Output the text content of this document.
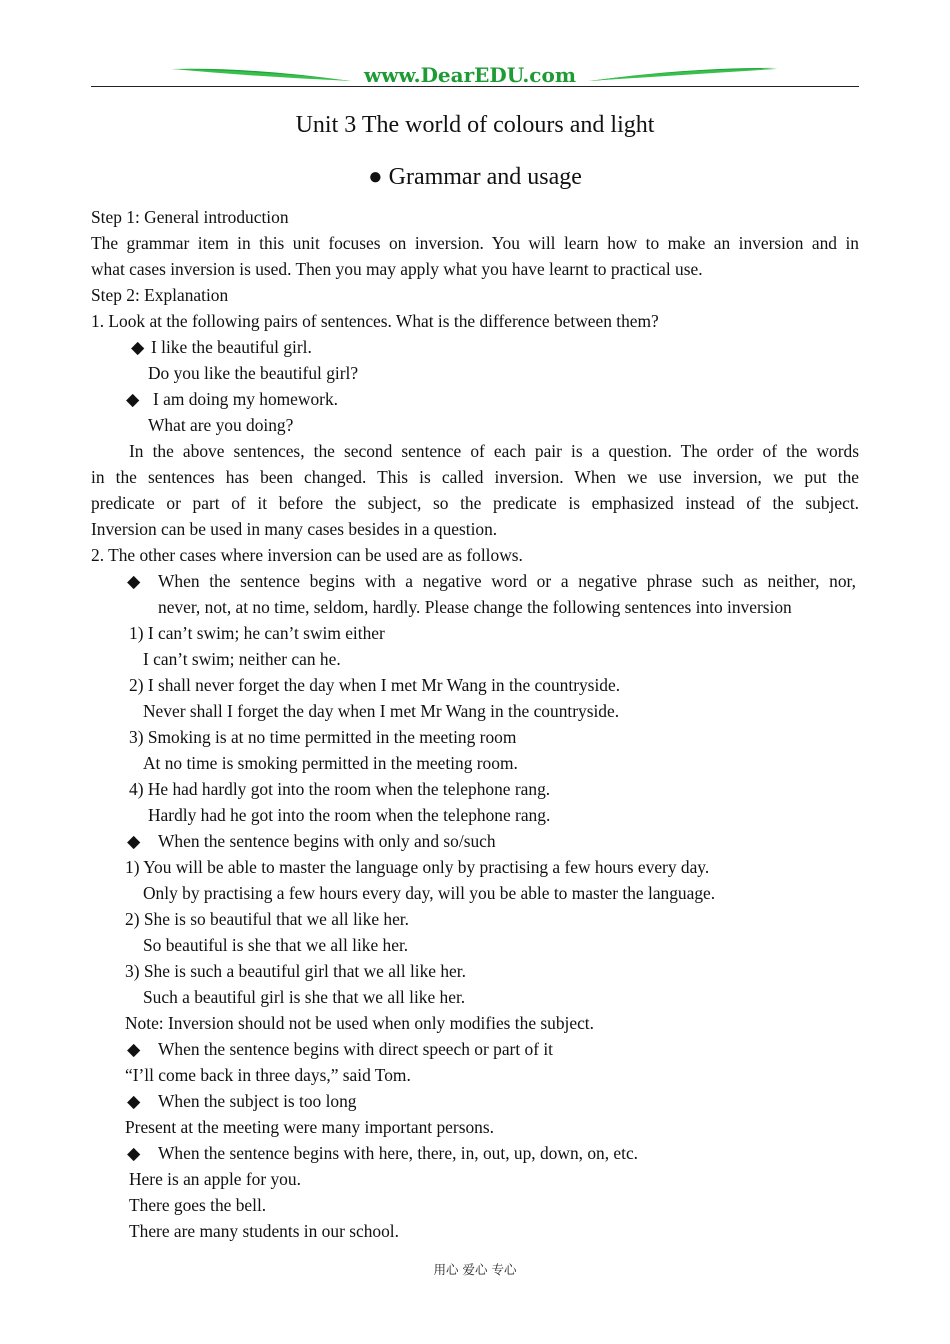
www.DearEDU.com
Unit 3 The world of colours and light
● Grammar and usage
Step 1: General introduction
The grammar item in this unit focuses on inversion. You will learn how to make an inversion and in
what cases inversion is used. Then you may apply what you have learnt to practical use.
Step 2: Explanation
1. Look at the following pairs of sentences. What is the difference between them?
◆ I like the beautiful girl.
Do you like the beautiful girl?
◆ I am doing my homework.
What are you doing?
In the above sentences, the second sentence of each pair is a question. The order of the words
in the sentences has been changed. This is called inversion. When we use inversion, we put the
predicate or part of it before the subject, so the predicate is emphasized instead of the subject.
Inversion can be used in many cases besides in a question.
2. The other cases where inversion can be used are as follows.
◆ When the sentence begins with a negative word or a negative phrase such as neither, nor,
never, not, at no time, seldom, hardly. Please change the following sentences into inversion
1) I can’t swim; he can’t swim either
I can’t swim; neither can he.
2) I shall never forget the day when I met Mr Wang in the countryside.
Never shall I forget the day when I met Mr Wang in the countryside.
3) Smoking is at no time permitted in the meeting room
At no time is smoking permitted in the meeting room.
4) He had hardly got into the room when the telephone rang.
Hardly had he got into the room when the telephone rang.
◆ When the sentence begins with only and so/such
1) You will be able to master the language only by practising a few hours every day.
Only by practising a few hours every day, will you be able to master the language.
2) She is so beautiful that we all like her.
So beautiful is she that we all like her.
3) She is such a beautiful girl that we all like her.
Such a beautiful girl is she that we all like her.
Note: Inversion should not be used when only modifies the subject.
◆ When the sentence begins with direct speech or part of it
“I’ll come back in three days,” said Tom.
◆ When the subject is too long
Present at the meeting were many important persons.
◆ When the sentence begins with here, there, in, out, up, down, on, etc.
Here is an apple for you.
There goes the bell.
There are many students in our school.
用心 爱心 专心
